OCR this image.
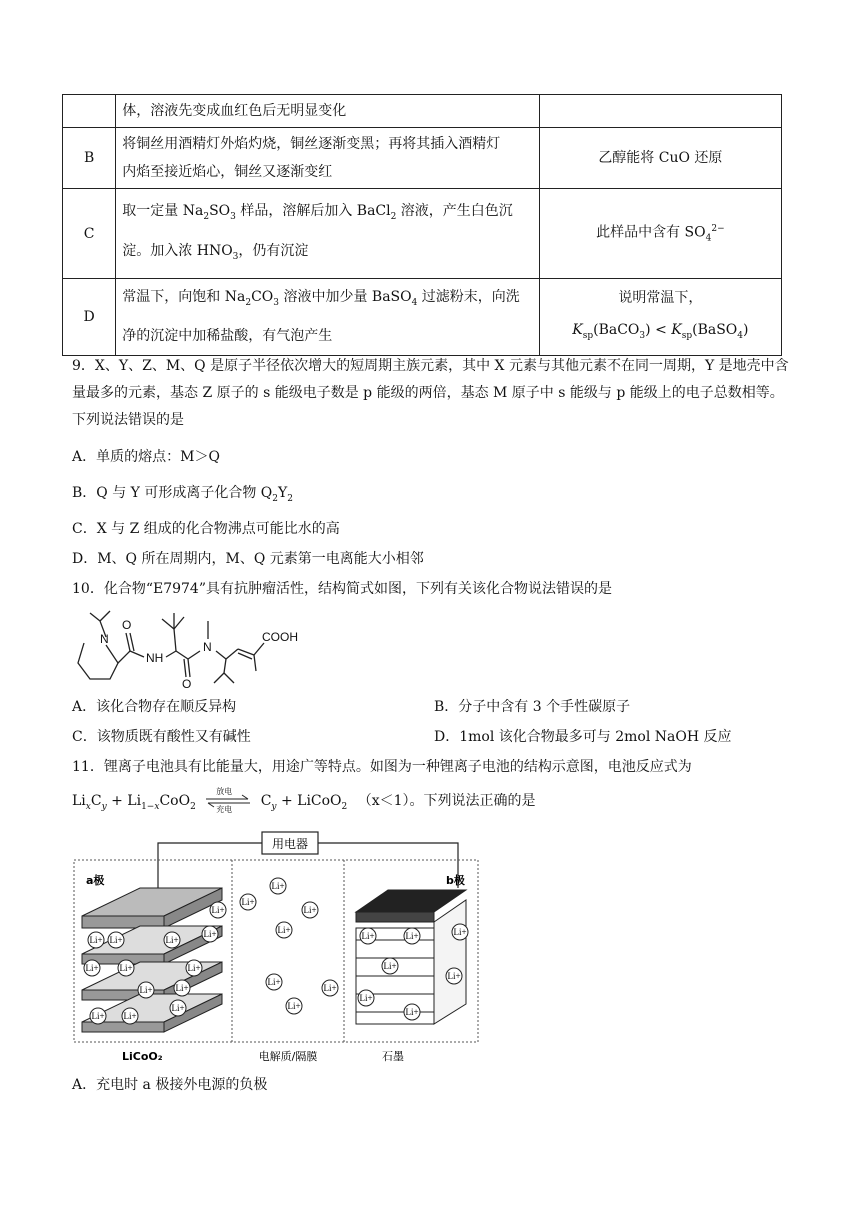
	体，溶液先变成血红色后无明显变化	
B	将铜丝用酒精灯外焰灼烧，铜丝逐渐变黑；再将其插入酒精灯
内焰至接近焰心，铜丝又逐渐变红	乙醇能将 CuO 还原
C	取一定量 $Na_2SO_3$ 样品，溶解后加入 BaCl$_2$ 溶液，产生白色沉
淀。加入浓 $HNO_3$，仍有沉淀	此样品中含有 $SO_4^{2-}$
D	常温下，向饱和 $Na_2CO_3$ 溶液中加少量 BaSO$_4$ 过滤粉末，向洗
净的沉淀中加稀盐酸，有气泡产生	说明常温下，
$K_{sp}(BaCO_3)$ < $K_{sp}(BaSO_4)$
9．X、Y、Z、M、Q 是原子半径依次增大的短周期主族元素，其中 X 元素与其他元素不在同一周期，Y 是地壳中含量最多的元素，基态 Z 原子的 s 能级电子数是 p 能级的两倍，基态 M 原子中 s 能级与 p 能级上的电子总数相等。下列说法错误的是
A．单质的熔点：M＞Q
B．Q 与 Y 可形成离子化合物 $Q_2Y_2$
C．X 与 Z 组成的化合物沸点可能比水的高
D．M、Q 所在周期内，M、Q 元素第一电离能大小相邻
10．化合物“E7974”具有抗肿瘤活性，结构简式如图，下列有关该化合物说法错误的是
N
O
NH
O
N
COOH
A．该化合物存在顺反异构	B．分子中含有 3 个手性碳原子
C．该物质既有酸性又有碱性	D．1mol 该化合物最多可与 2mol NaOH 反应
11．锂离子电池具有比能量大，用途广等特点。如图为一种锂离子电池的结构示意图，电池反应式为
$Li_xC_y + Li_{1-x}CoO_2$
放电
充电
$C_y$ + LiCoO$_2$ （x＜1）。下列说法正确的是
用电器
a极	b极
Li+
Li+ Li+	Li+
Li+
Li+ Li+	Li+
Li+	Li+
Li+ Li+
Li+
Li+
Li+
Li+
Li+
Li+
Li+
Li+
Li+	Li+	Li+
Li+
Li+
Li+
Li+
LiCoO₂	电解质/隔膜	石墨
A．充电时 a 极接外电源的负极
